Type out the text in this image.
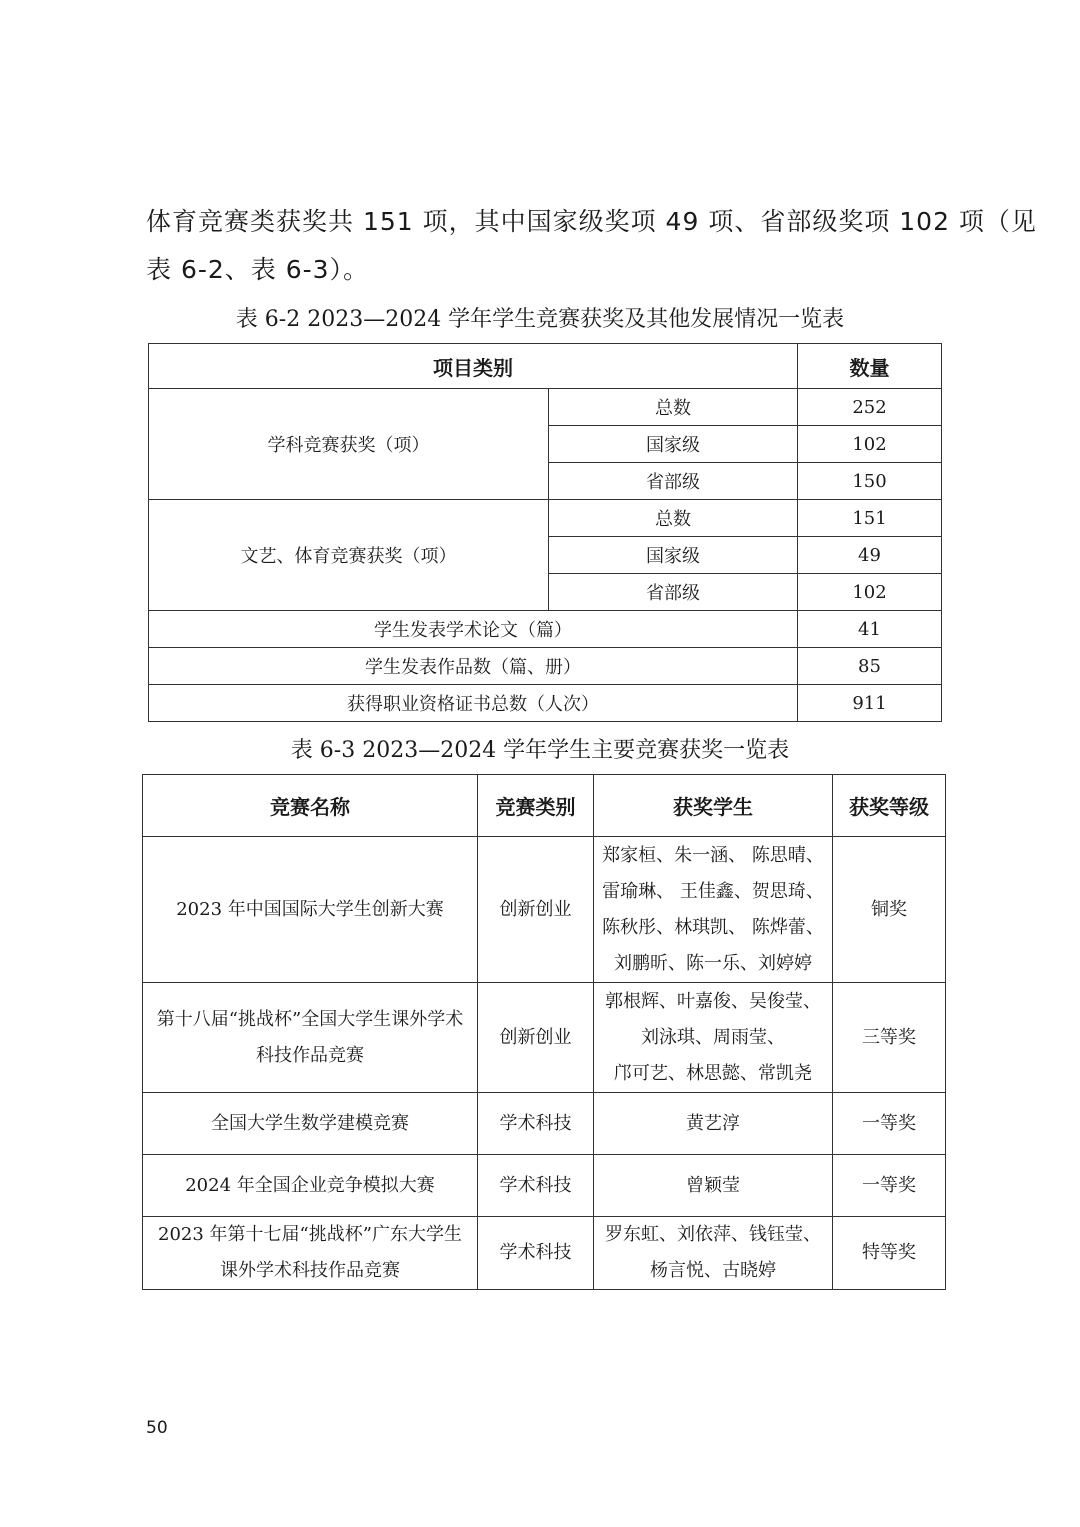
体育竞赛类获奖共 151 项，其中国家级奖项 49 项、省部级奖项 102 项（见
表 6-2、表 6-3）。

表 6-2 2023—2024 学年学生竞赛获奖及其他发展情况一览表

项目类别		数量
学科竞赛获奖（项）	总数	252
	国家级	102
	省部级	150
文艺、体育竞赛获奖（项）	总数	151
	国家级	49
	省部级	102
学生发表学术论文（篇）		41
学生发表作品数（篇、册）		85
获得职业资格证书总数（人次）		911

表 6-3 2023—2024 学年学生主要竞赛获奖一览表

竞赛名称	竞赛类别	获奖学生	获奖等级
2023 年中国国际大学生创新大赛	创新创业	郑家桓、朱一涵、 陈思晴、
雷瑜琳、 王佳鑫、贺思琦、
陈秋彤、林琪凯、 陈烨蕾、
刘鹏昕、陈一乐、刘婷婷	铜奖
第十八届“挑战杯”全国大学生课外学术科技作品竞赛	创新创业	郭根辉、叶嘉俊、吴俊莹、
刘泳琪、周雨莹、
邝可艺、林思懿、常凯尧	三等奖
全国大学生数学建模竞赛	学术科技	黄艺淳	一等奖
2024 年全国企业竞争模拟大赛	学术科技	曾颖莹	一等奖
2023 年第十七届“挑战杯”广东大学生课外学术科技作品竞赛	学术科技	罗东虹、刘依萍、钱钰莹、
杨言悦、古晓婷	特等奖
50
